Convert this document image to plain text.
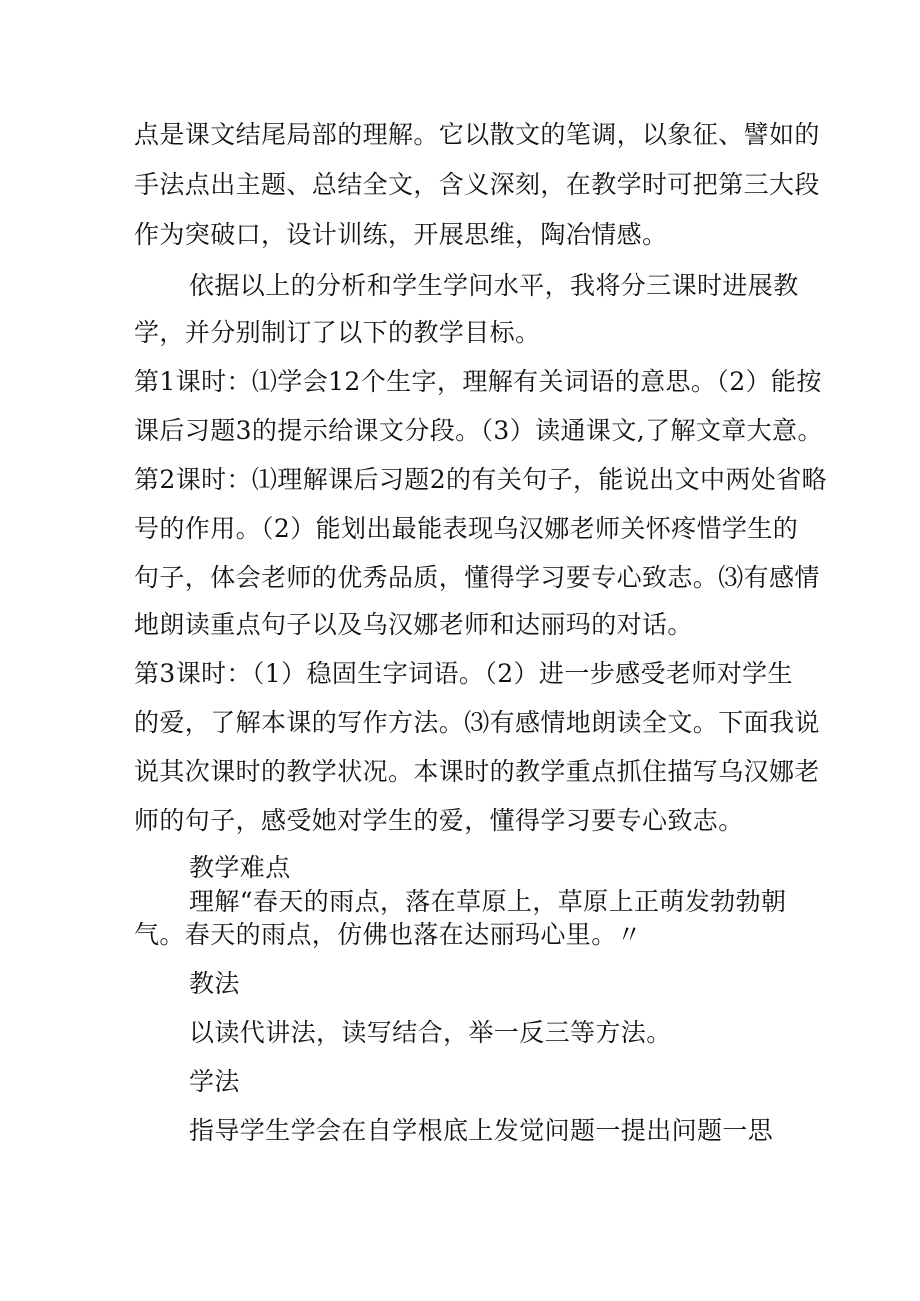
点是课文结尾局部的理解。它以散文的笔调，以象征、譬如的
手法点出主题、总结全文，含义深刻，在教学时可把第三大段
作为突破口，设计训练，开展思维，陶冶情感。
依据以上的分析和学生学问水平，我将分三课时进展教
学，并分别制订了以下的教学目标。
第1课时：⑴学会12个生字，理解有关词语的意思。（2）能按
课后习题3的提示给课文分段。（3）读通课文,了解文章大意。
第2课时：⑴理解课后习题2的有关句子，能说出文中两处省略
号的作用。（2）能划出最能表现乌汉娜老师关怀疼惜学生的
句子，体会老师的优秀品质，懂得学习要专心致志。⑶有感情
地朗读重点句子以及乌汉娜老师和达丽玛的对话。
第3课时：（1）稳固生字词语。（2）进一步感受老师对学生
的爱，了解本课的写作方法。⑶有感情地朗读全文。下面我说
说其次课时的教学状况。本课时的教学重点抓住描写乌汉娜老
师的句子，感受她对学生的爱，懂得学习要专心致志。
教学难点
理解“春天的雨点，落在草原上，草原上正萌发勃勃朝
气。春天的雨点，仿佛也落在达丽玛心里。〃
教法
以读代讲法，读写结合，举一反三等方法。
学法
指导学生学会在自学根底上发觉问题一提出问题一思
